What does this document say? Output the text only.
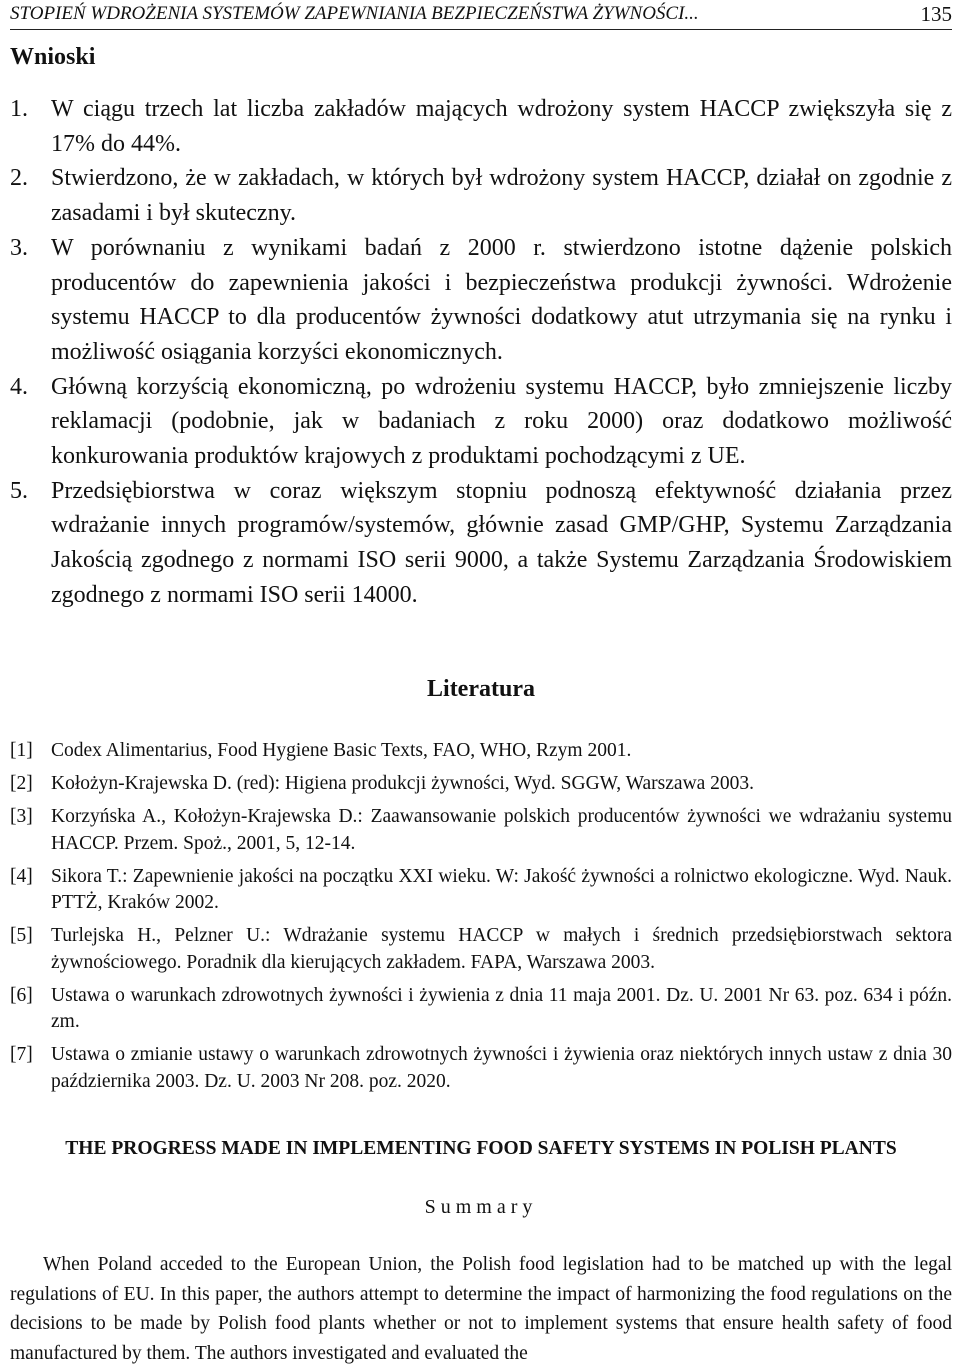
STOPIEŃ WDROŻENIA SYSTEMÓW ZAPEWNIANIA BEZPIECZEŃSTWA ŻYWNOŚCI...	135
Wnioski
1. W ciągu trzech lat liczba zakładów mających wdrożony system HACCP zwiększyła się z 17% do 44%.
2. Stwierdzono, że w zakładach, w których był wdrożony system HACCP, działał on zgodnie z zasadami i był skuteczny.
3. W porównaniu z wynikami badań z 2000 r. stwierdzono istotne dążenie polskich producentów do zapewnienia jakości i bezpieczeństwa produkcji żywności. Wdrożenie systemu HACCP to dla producentów żywności dodatkowy atut utrzymania się na rynku i możliwość osiągania korzyści ekonomicznych.
4. Główną korzyścią ekonomiczną, po wdrożeniu systemu HACCP, było zmniejszenie liczby reklamacji (podobnie, jak w badaniach z roku 2000) oraz dodatkowo możliwość konkurowania produktów krajowych z produktami pochodzącymi z UE.
5. Przedsiębiorstwa w coraz większym stopniu podnoszą efektywność działania przez wdrażanie innych programów/systemów, głównie zasad GMP/GHP, Systemu Zarządzania Jakością zgodnego z normami ISO serii 9000, a także Systemu Zarządzania Środowiskiem zgodnego z normami ISO serii 14000.
Literatura
[1] Codex Alimentarius, Food Hygiene Basic Texts, FAO, WHO, Rzym 2001.
[2] Kołożyn-Krajewska D. (red): Higiena produkcji żywności, Wyd. SGGW, Warszawa 2003.
[3] Korzyńska A., Kołożyn-Krajewska D.: Zaawansowanie polskich producentów żywności we wdrażaniu systemu HACCP. Przem. Spoż., 2001, 5, 12-14.
[4] Sikora T.: Zapewnienie jakości na początku XXI wieku. W: Jakość żywności a rolnictwo ekologiczne. Wyd. Nauk. PTTŻ, Kraków 2002.
[5] Turlejska H., Pelzner U.: Wdrażanie systemu HACCP w małych i średnich przedsiębiorstwach sektora żywnościowego. Poradnik dla kierujących zakładem. FAPA, Warszawa 2003.
[6] Ustawa o warunkach zdrowotnych żywności i żywienia z dnia 11 maja 2001. Dz. U. 2001 Nr 63. poz. 634 i późn. zm.
[7] Ustawa o zmianie ustawy o warunkach zdrowotnych żywności i żywienia oraz niektórych innych ustaw z dnia 30 października 2003. Dz. U. 2003 Nr 208. poz. 2020.
THE PROGRESS MADE IN IMPLEMENTING FOOD SAFETY SYSTEMS IN POLISH PLANTS
Summary

When Poland acceded to the European Union, the Polish food legislation had to be matched up with the legal regulations of EU. In this paper, the authors attempt to determine the impact of harmonizing the food regulations on the decisions to be made by Polish food plants whether or not to implement systems that ensure health safety of food manufactured by them. The authors investigated and evaluated the
